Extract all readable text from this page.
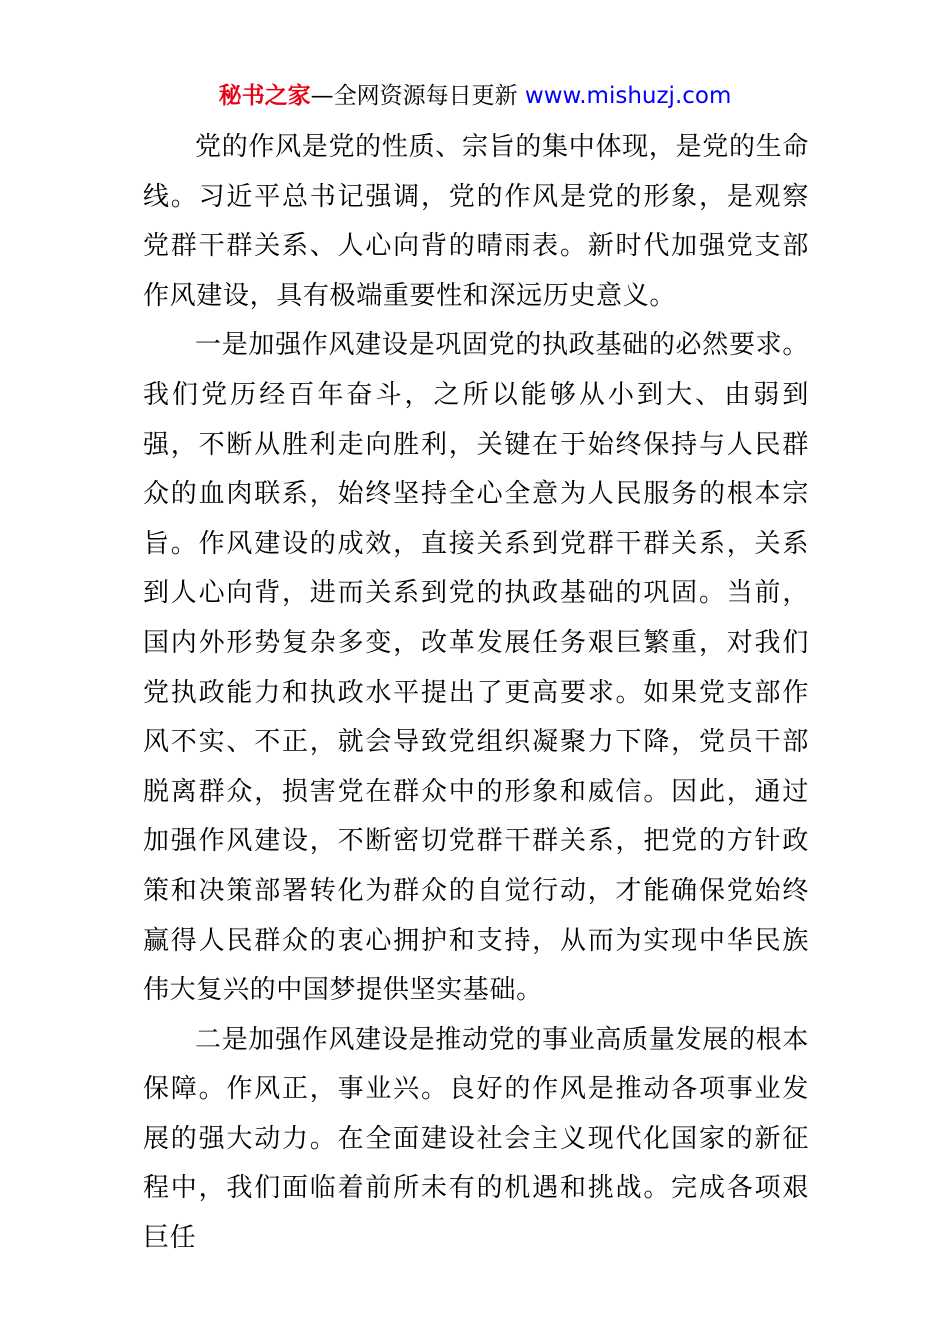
秘书之家—全网资源每日更新 www.mishuzj.com

党的作风是党的性质、宗旨的集中体现，是党的生命线。习近平总书记强调，党的作风是党的形象，是观察党群干群关系、人心向背的晴雨表。新时代加强党支部作风建设，具有极端重要性和深远历史意义。

一是加强作风建设是巩固党的执政基础的必然要求。我们党历经百年奋斗，之所以能够从小到大、由弱到强，不断从胜利走向胜利，关键在于始终保持与人民群众的血肉联系，始终坚持全心全意为人民服务的根本宗旨。作风建设的成效，直接关系到党群干群关系，关系到人心向背，进而关系到党的执政基础的巩固。当前，国内外形势复杂多变，改革发展任务艰巨繁重，对我们党执政能力和执政水平提出了更高要求。如果党支部作风不实、不正，就会导致党组织凝聚力下降，党员干部脱离群众，损害党在群众中的形象和威信。因此，通过加强作风建设，不断密切党群干群关系，把党的方针政策和决策部署转化为群众的自觉行动，才能确保党始终赢得人民群众的衷心拥护和支持，从而为实现中华民族伟大复兴的中国梦提供坚实基础。

二是加强作风建设是推动党的事业高质量发展的根本保障。作风正，事业兴。良好的作风是推动各项事业发展的强大动力。在全面建设社会主义现代化国家的新征程中，我们面临着前所未有的机遇和挑战。完成各项艰巨任
